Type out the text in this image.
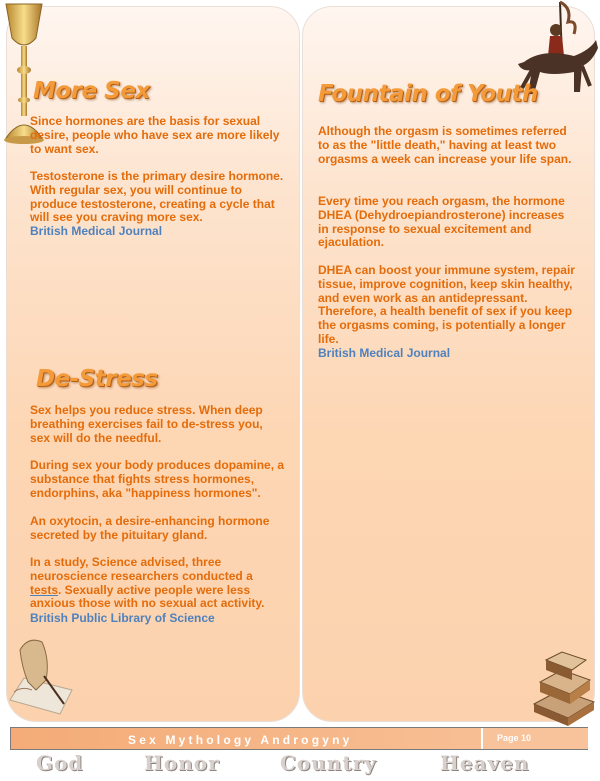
More Sex

Since hormones are the basis for sexual desire, people who have sex are more likely to want sex.

Testosterone is the primary desire hormone. With regular sex, you will continue to produce testosterone, creating a cycle that will see you craving more sex.

British Medical Journal

De-Stress

Sex helps you reduce stress. When deep breathing exercises fail to de-stress you, sex will do the needful.

During sex your body produces dopamine, a substance that fights stress hormones, endorphins, aka "happiness hormones".

An oxytocin, a desire-enhancing hormone secreted by the pituitary gland.

In a study, Science advised, three neuroscience researchers conducted a tests. Sexually active people were less anxious those with no sexual act activity.

British Public Library of Science

Fountain of Youth

Although the orgasm is sometimes referred to as the "little death," having at least two orgasms a week can increase your life span.

Every time you reach orgasm, the hormone DHEA (Dehydroepiandrosterone) increases in response to sexual excitement and ejaculation.

DHEA can boost your immune system, repair tissue, improve cognition, keep skin healthy, and even work as an antidepressant. Therefore, a health benefit of sex if you keep the orgasms coming, is potentially a longer life.

British Medical Journal

Sex Mythology Androgyny	Page 10
God	Honor	Country	Heaven
